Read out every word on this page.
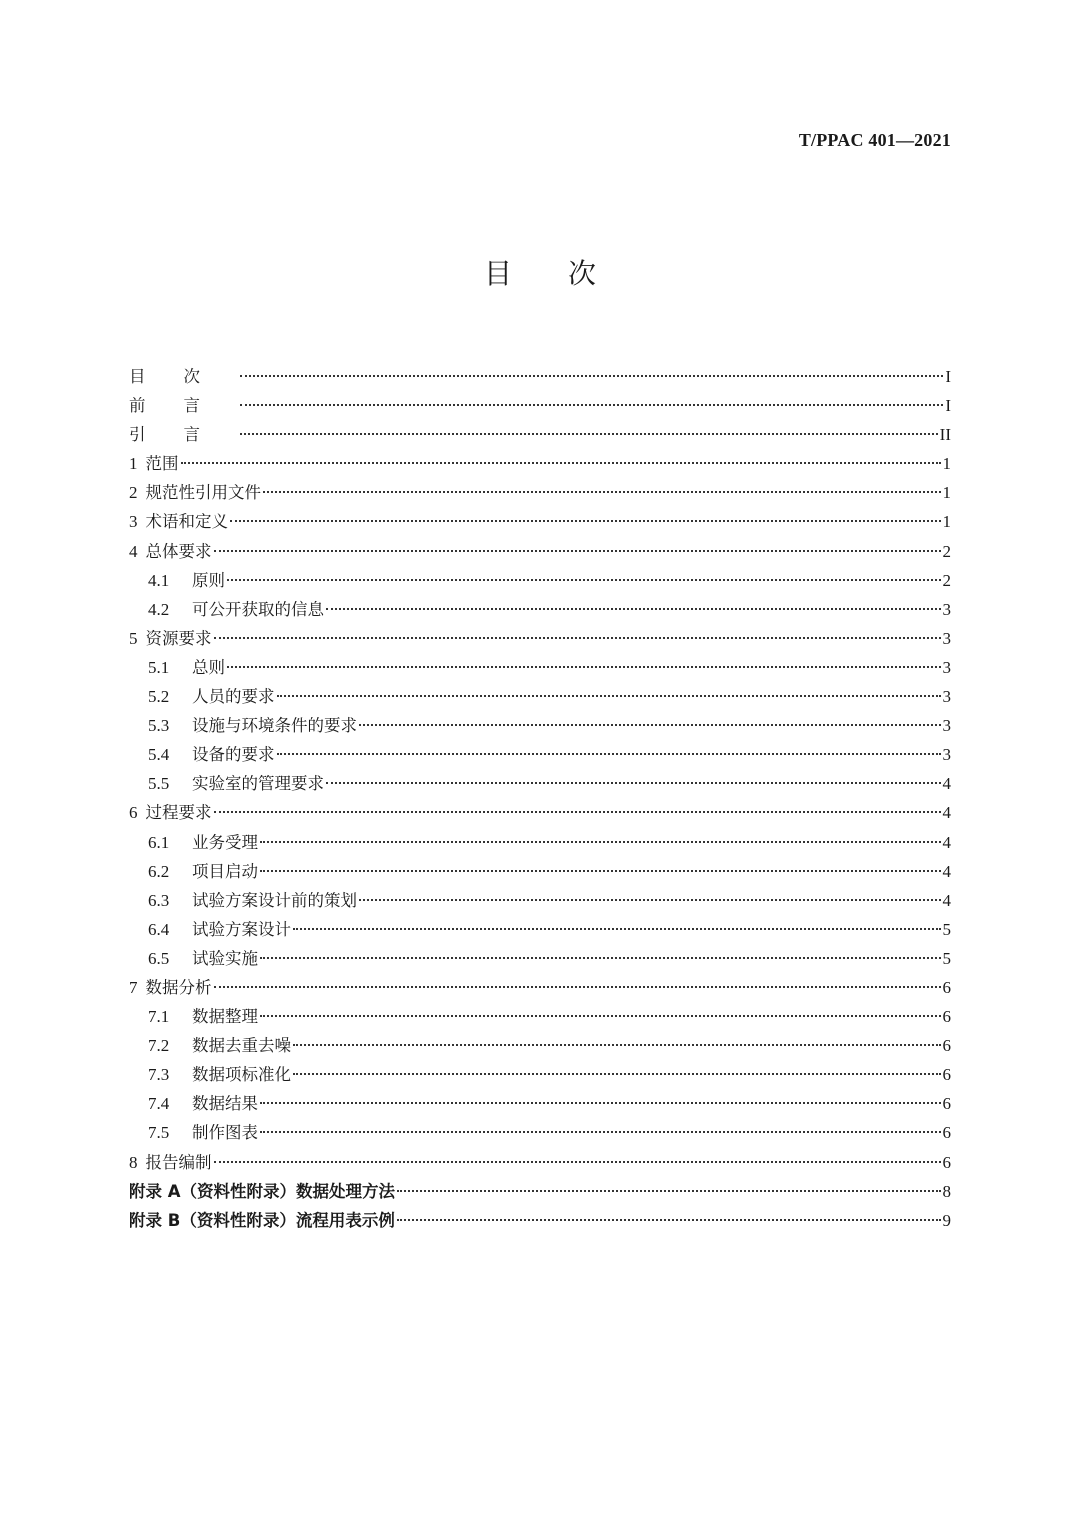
T/PPAC 401—2021
目 次
目次	I
前言	I
引言	II
1 范围	1
2 规范性引用文件	1
3 术语和定义	1
4 总体要求	2
4.1	原则	2
4.2	可公开获取的信息	3
5 资源要求	3
5.1	总则	3
5.2	人员的要求	3
5.3	设施与环境条件的要求	3
5.4	设备的要求	3
5.5	实验室的管理要求	4
6 过程要求	4
6.1	业务受理	4
6.2	项目启动	4
6.3	试验方案设计前的策划	4
6.4	试验方案设计	5
6.5	试验实施	5
7 数据分析	6
7.1	数据整理	6
7.2	数据去重去噪	6
7.3	数据项标准化	6
7.4	数据结果	6
7.5	制作图表	6
8 报告编制	6
附录 A（资料性附录）数据处理方法	8
附录 B（资料性附录）流程用表示例	9
